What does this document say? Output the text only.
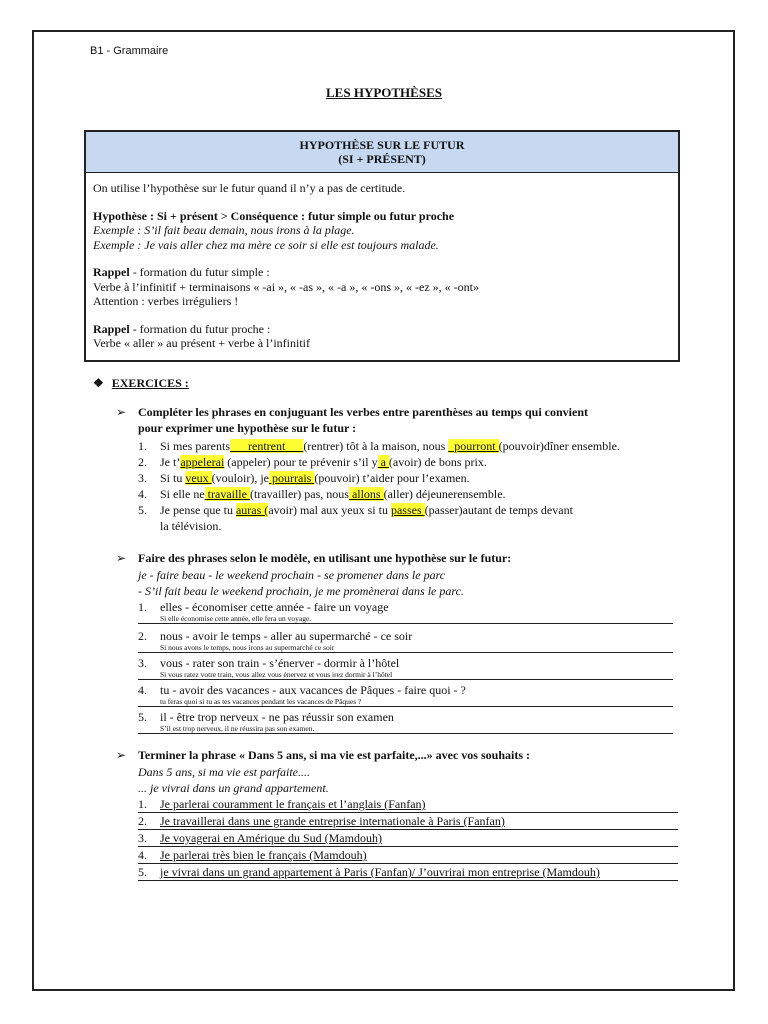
B1 - Grammaire
LES HYPOTHÈSES
HYPOTHÈSE SUR LE FUTUR
(SI + PRÉSENT)

On utilise l’hypothèse sur le futur quand il n’y a pas de certitude.

Hypothèse : Si + présent > Conséquence : futur simple ou futur proche

Exemple : S’il fait beau demain, nous irons à la plage.

Exemple : Je vais aller chez ma mère ce soir si elle est toujours malade.

Rappel - formation du futur simple :

Verbe à l’infinitif + terminaisons « -ai », « -as », « -a », « -ons », « -ez », « -ont»

Attention : verbes irréguliers !

Rappel - formation du futur proche :

Verbe « aller » au présent + verbe à l’infinitif

❖ EXERCICES :
➢ Compléter les phrases en conjuguant les verbes entre parenthèses au temps qui convient
pour exprimer une hypothèse sur le futur :
1.	Si mes parents___rentrent___(rentrer) tôt à la maison, nous _pourront (pouvoir)dîner ensemble.
2.	Je t’appelerai (appeler) pour te prévenir s’il y a (avoir) de bons prix.
3.	Si tu veux (vouloir), je pourrais (pouvoir) t’aider pour l’examen.
4.	Si elle ne travaille (travailler) pas, nous allons (aller) déjeunerensemble.
5.	Je pense que tu auras (avoir) mal aux yeux si tu passes (passer)autant de temps devant
la télévision.
➢ Faire des phrases selon le modèle, en utilisant une hypothèse sur le futur:
je - faire beau - le weekend prochain - se promener dans le parc
- S’il fait beau le weekend prochain, je me promènerai dans le parc.
1. elles - économiser cette année - faire un voyage
Si elle économise cette année, elle fera un voyage.
2. nous - avoir le temps - aller au supermarché - ce soir
Si nous avons le temps, nous irons au supermarché ce soir
3. vous - rater son train - s’énerver - dormir à l’hôtel
Si vous ratez votre train, vous allez vous énervez et vous irez dormir à l’hôtel
4. tu - avoir des vacances - aux vacances de Pâques - faire quoi - ?
tu feras quoi si tu as tes vacances pendant les vacances de Pâques ?
5. il - être trop nerveux - ne pas réussir son examen
S’il est trop nerveux, il ne réussira pas son examen.
➢ Terminer la phrase « Dans 5 ans, si ma vie est parfaite,...» avec vos souhaits :
Dans 5 ans, si ma vie est parfaite....
... je vivrai dans un grand appartement.
1.	Je parlerai couramment le français et l’anglais (Fanfan)
2.	Je travaillerai dans une grande entreprise internationale à Paris (Fanfan)
3.	Je voyagerai en Amérique du Sud (Mamdouh)
4.	Je parlerai très bien le français (Mamdouh)
5.	je vivrai dans un grand appartement à Paris (Fanfan)/ J’ouvrirai mon entreprise (Mamdouh)
